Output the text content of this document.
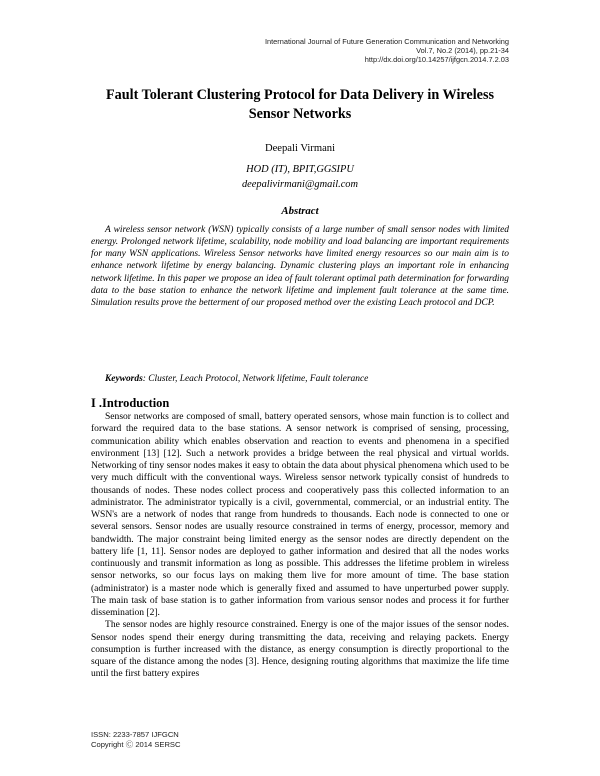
International Journal of Future Generation Communication and Networking
Vol.7, No.2 (2014), pp.21-34
http://dx.doi.org/10.14257/ijfgcn.2014.7.2.03
Fault Tolerant Clustering Protocol for Data Delivery in Wireless Sensor Networks
Deepali Virmani
HOD (IT), BPIT,GGSIPU
deepalivirmani@gmail.com
Abstract

A wireless sensor network (WSN) typically consists of a large number of small sensor nodes with limited energy. Prolonged network lifetime, scalability, node mobility and load balancing are important requirements for many WSN applications. Wireless Sensor networks have limited energy resources so our main aim is to enhance network lifetime by energy balancing. Dynamic clustering plays an important role in enhancing network lifetime. In this paper we propose an idea of fault tolerant optimal path determination for forwarding data to the base station to enhance the network lifetime and implement fault tolerance at the same time. Simulation results prove the betterment of our proposed method over the existing Leach protocol and DCP.

Keywords: Cluster, Leach Protocol, Network lifetime, Fault tolerance
I .Introduction

Sensor networks are composed of small, battery operated sensors, whose main function is to collect and forward the required data to the base stations. A sensor network is comprised of sensing, processing, communication ability which enables observation and reaction to events and phenomena in a specified environment [13] [12]. Such a network provides a bridge between the real physical and virtual worlds. Networking of tiny sensor nodes makes it easy to obtain the data about physical phenomena which used to be very much difficult with the conventional ways. Wireless sensor network typically consist of hundreds to thousands of nodes. These nodes collect process and cooperatively pass this collected information to an administrator. The administrator typically is a civil, governmental, commercial, or an industrial entity. The WSN's are a network of nodes that range from hundreds to thousands. Each node is connected to one or several sensors. Sensor nodes are usually resource constrained in terms of energy, processor, memory and bandwidth. The major constraint being limited energy as the sensor nodes are directly dependent on the battery life [1, 11]. Sensor nodes are deployed to gather information and desired that all the nodes works continuously and transmit information as long as possible. This addresses the lifetime problem in wireless sensor networks, so our focus lays on making them live for more amount of time. The base station (administrator) is a master node which is generally fixed and assumed to have unperturbed power supply. The main task of base station is to gather information from various sensor nodes and process it for further dissemination [2].

The sensor nodes are highly resource constrained. Energy is one of the major issues of the sensor nodes. Sensor nodes spend their energy during transmitting the data, receiving and relaying packets. Energy consumption is further increased with the distance, as energy consumption is directly proportional to the square of the distance among the nodes [3]. Hence, designing routing algorithms that maximize the life time until the first battery expires

ISSN: 2233-7857 IJFGCN
Copyright Ⓒ 2014 SERSC
